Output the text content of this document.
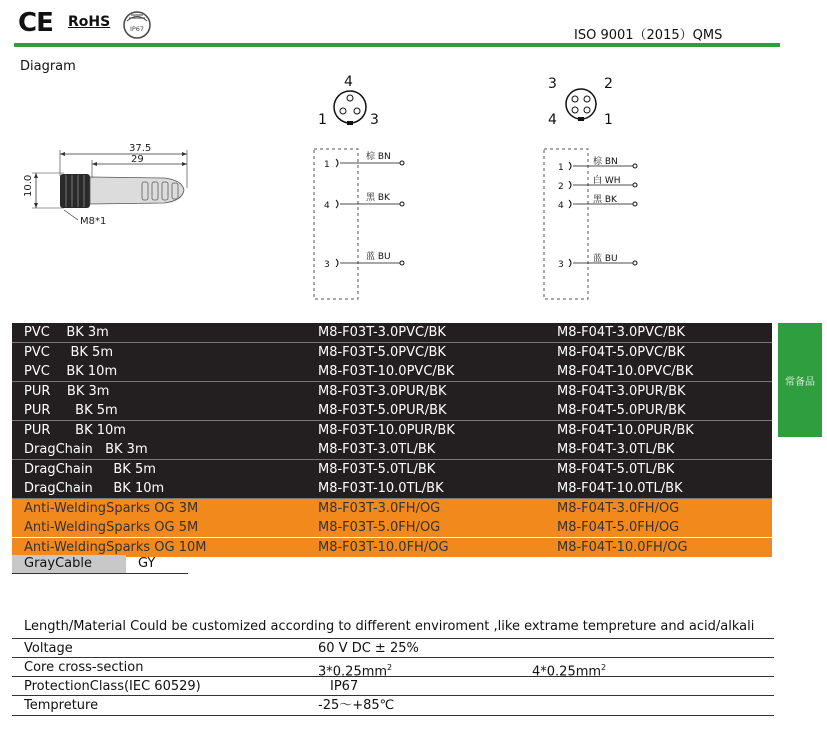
CE RoHS	IP67	ISO 9001（2015）QMS
Diagram
37.5
29
10.0
M8*1
4
1	3
3	2
4	1
1
棕 BN
4
黑 BK
3
蓝 BU
1
棕 BN
2
白 WH
4
黑 BK
3
蓝 BU
PVC    BK 3m	M8-F03T-3.0PVC/BK	M8-F04T-3.0PVC/BK
PVC     BK 5m	M8-F03T-5.0PVC/BK	M8-F04T-5.0PVC/BK
PVC    BK 10m	M8-F03T-10.0PVC/BK	M8-F04T-10.0PVC/BK
PUR    BK 3m	M8-F03T-3.0PUR/BK	M8-F04T-3.0PUR/BK
PUR      BK 5m	M8-F03T-5.0PUR/BK	M8-F04T-5.0PUR/BK
PUR      BK 10m	M8-F03T-10.0PUR/BK	M8-F04T-10.0PUR/BK
DragChain   BK 3m	M8-F03T-3.0TL/BK	M8-F04T-3.0TL/BK
DragChain     BK 5m	M8-F03T-5.0TL/BK	M8-F04T-5.0TL/BK
DragChain     BK 10m	M8-F03T-10.0TL/BK	M8-F04T-10.0TL/BK
Anti-WeldingSparks OG 3M	M8-F03T-3.0FH/OG	M8-F04T-3.0FH/OG
Anti-WeldingSparks OG 5M	M8-F03T-5.0FH/OG	M8-F04T-5.0FH/OG
Anti-WeldingSparks OG 10M	M8-F03T-10.0FH/OG	M8-F04T-10.0FH/OG
常备品
GrayCable	GY
Length/Material Could be customized according to different enviroment ,like extrame tempreture and acid/alkali
Voltage	60 V DC ± 25%
Core cross-section	$3*0.25mm^2$	$4*0.25mm^2$
ProtectionClass(IEC 60529)	IP67
Tempreture	-25～+85℃
